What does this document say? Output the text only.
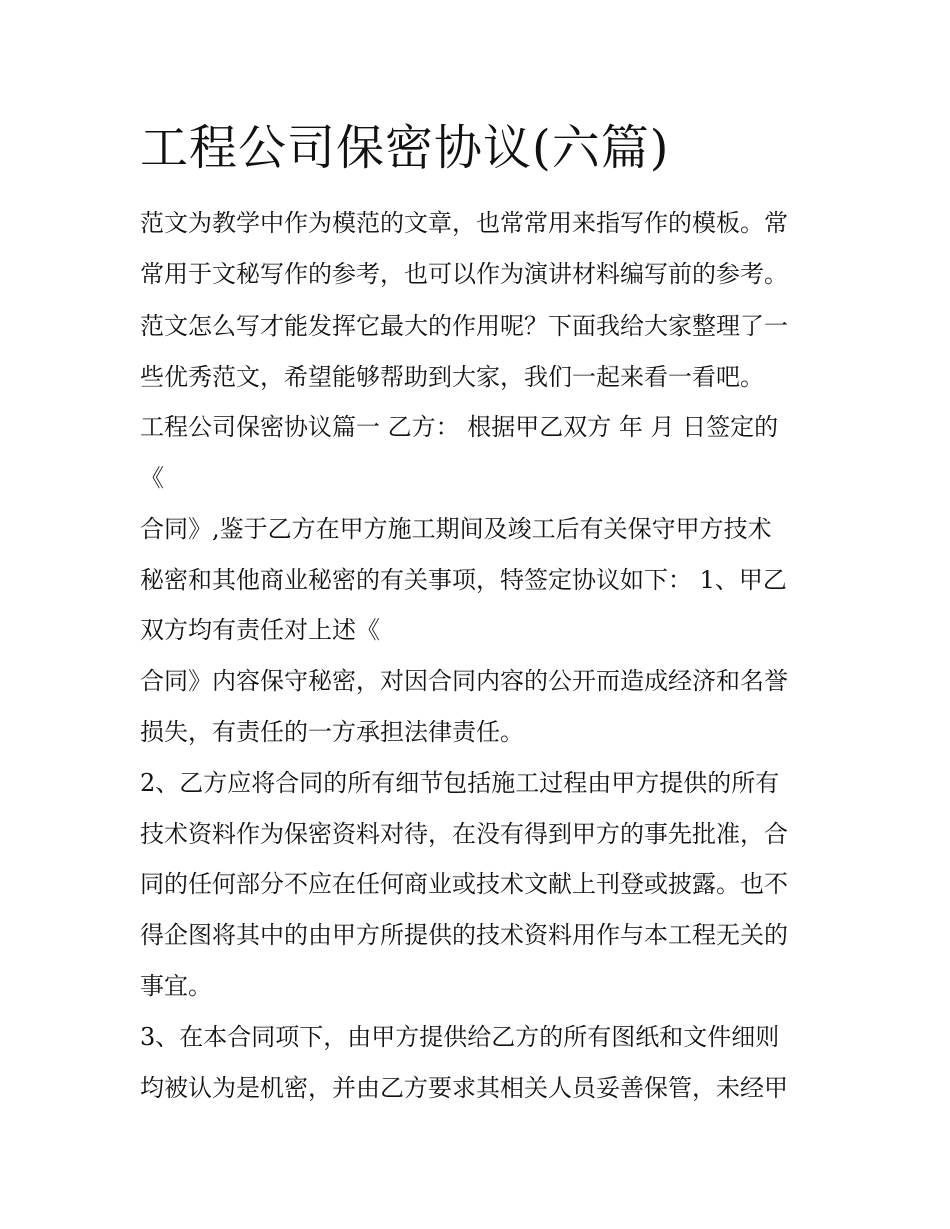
工程公司保密协议(六篇)

范文为教学中作为模范的文章，也常常用来指写作的模板。常

常用于文秘写作的参考，也可以作为演讲材料编写前的参考。

范文怎么写才能发挥它最大的作用呢？下面我给大家整理了一

些优秀范文，希望能够帮助到大家，我们一起来看一看吧。

工程公司保密协议篇一 乙方： 根据甲乙双方 年 月 日签定的

《

合同》,鉴于乙方在甲方施工期间及竣工后有关保守甲方技术

秘密和其他商业秘密的有关事项，特签定协议如下： 1、甲乙

双方均有责任对上述《

合同》内容保守秘密，对因合同内容的公开而造成经济和名誉

损失，有责任的一方承担法律责任。

2、乙方应将合同的所有细节包括施工过程由甲方提供的所有

技术资料作为保密资料对待，在没有得到甲方的事先批准，合

同的任何部分不应在任何商业或技术文献上刊登或披露。也不

得企图将其中的由甲方所提供的技术资料用作与本工程无关的

事宜。

3、在本合同项下，由甲方提供给乙方的所有图纸和文件细则

均被认为是机密，并由乙方要求其相关人员妥善保管，未经甲
